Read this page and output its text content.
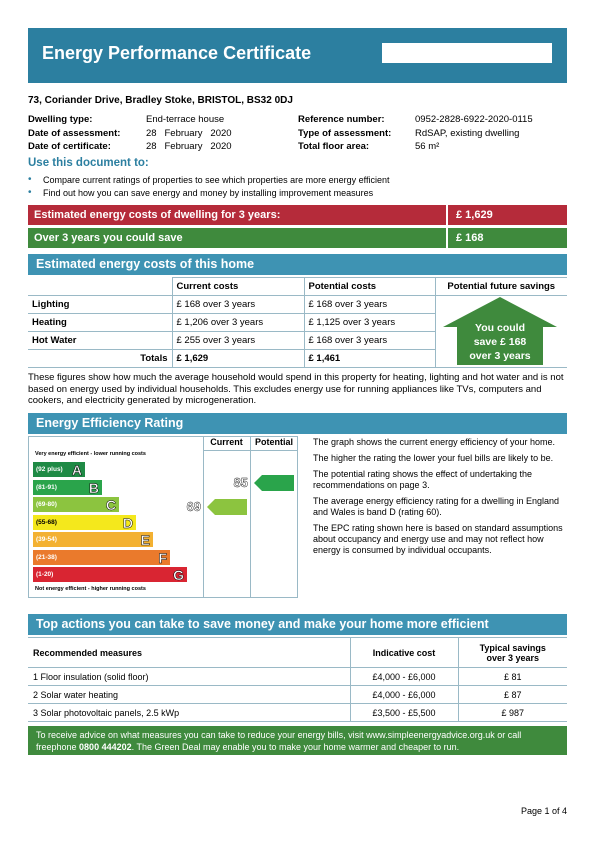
Energy Performance Certificate
73, Coriander Drive, Bradley Stoke, BRISTOL, BS32 0DJ
Dwelling type:	End-terrace house
Date of assessment:	28   February   2020
Date of certificate:	28   February   2020
Reference number:	0952-2828-6922-2020-0115
Type of assessment: RdSAP, existing dwelling
Total floor area:	56 m²
Use this document to:
• Compare current ratings of properties to see which properties are more energy efficient
• Find out how you can save energy and money by installing improvement measures
Estimated energy costs of dwelling for 3 years:	£ 1,629
Over 3 years you could save	£ 168
Estimated energy costs of this home
	Current costs	Potential costs	Potential future savings
Lighting	£ 168 over 3 years	£ 168 over 3 years	
Heating	£ 1,206 over 3 years	£ 1,125 over 3 years	
Hot Water	£ 255 over 3 years	£ 168 over 3 years	
Totals	£ 1,629	£ 1,461	
You could
save £ 168
over 3 years
These figures show how much the average household would spend in this property for heating, lighting and hot water and is not based on energy used by individual households. This excludes energy use for running appliances like TVs, computers and cookers, and electricity generated by microgeneration.
Energy Efficiency Rating
Very energy efficient - lower running costs
(92 plus) A
(81-91) B
(69-80)	C
(55-68)	D
(39-54)	E
(21-38)	F
(1-20)	G
Not energy efficient - higher running costs
Current	Potential
69
85

The graph shows the current energy efficiency of your home.

The higher the rating the lower your fuel bills are likely to be.

The potential rating shows the effect of undertaking the recommendations on page 3.

The average energy efficiency rating for a dwelling in England and Wales is band D (rating 60).

The EPC rating shown here is based on standard assumptions about occupancy and energy use and may not reflect how energy is consumed by individual occupants.

Top actions you can take to save money and make your home more efficient
Recommended measures	Indicative cost	Typical savings
over 3 years

1 Floor insulation (solid floor)	£4,000 - £6,000	£ 81
2 Solar water heating	£4,000 - £6,000	£ 87
3 Solar photovoltaic panels, 2.5 kWp	£3,500 - £5,500	£ 987
To receive advice on what measures you can take to reduce your energy bills, visit www.simpleenergyadvice.org.uk or call freephone 0800 444202. The Green Deal may enable you to make your home warmer and cheaper to run.
Page 1 of 4
